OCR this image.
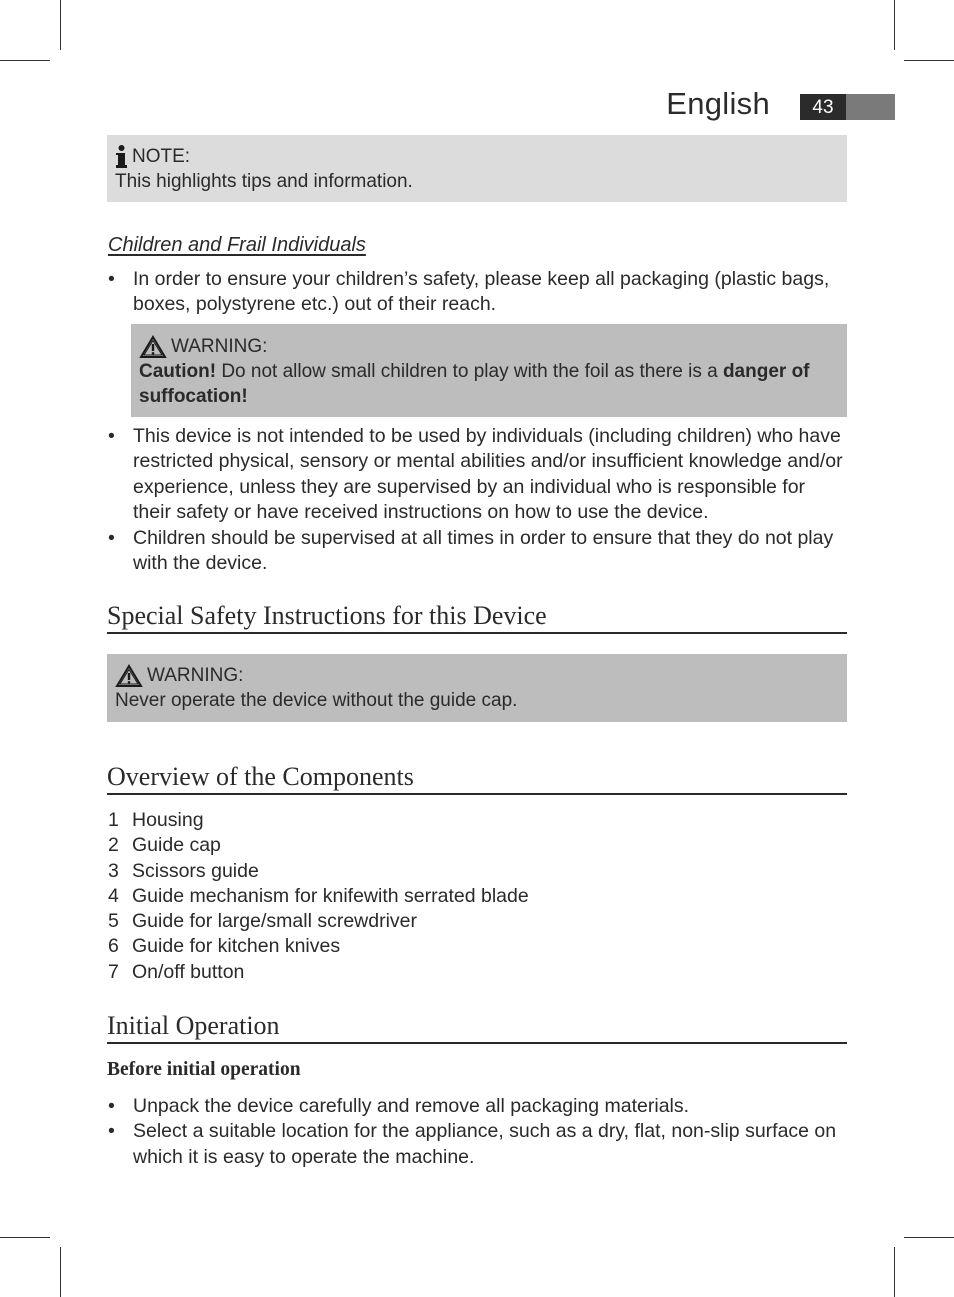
English	43
NOTE:
This highlights tips and information.
Children and Frail Individuals
• In order to ensure your children’s safety, please keep all packaging (plastic bags, boxes, polystyrene etc.) out of their reach.
WARNING:
Caution! Do not allow small children to play with the foil as there is a danger of suffocation!
• This device is not intended to be used by individuals (including children) who have restricted physical, sensory or mental abilities and/or insufficient knowledge and/or experience, unless they are supervised by an individual who is responsible for their safety or have received instructions on how to use the device.
• Children should be supervised at all times in order to ensure that they do not play with the device.
Special Safety Instructions for this Device
WARNING:
Never operate the device without the guide cap.
Overview of the Components
1 Housing
2 Guide cap
3 Scissors guide
4 Guide mechanism for knifewith serrated blade
5 Guide for large/small screwdriver
6 Guide for kitchen knives
7 On/off button
Initial Operation
Before initial operation
• Unpack the device carefully and remove all packaging materials.
• Select a suitable location for the appliance, such as a dry, flat, non-slip surface on which it is easy to operate the machine.
